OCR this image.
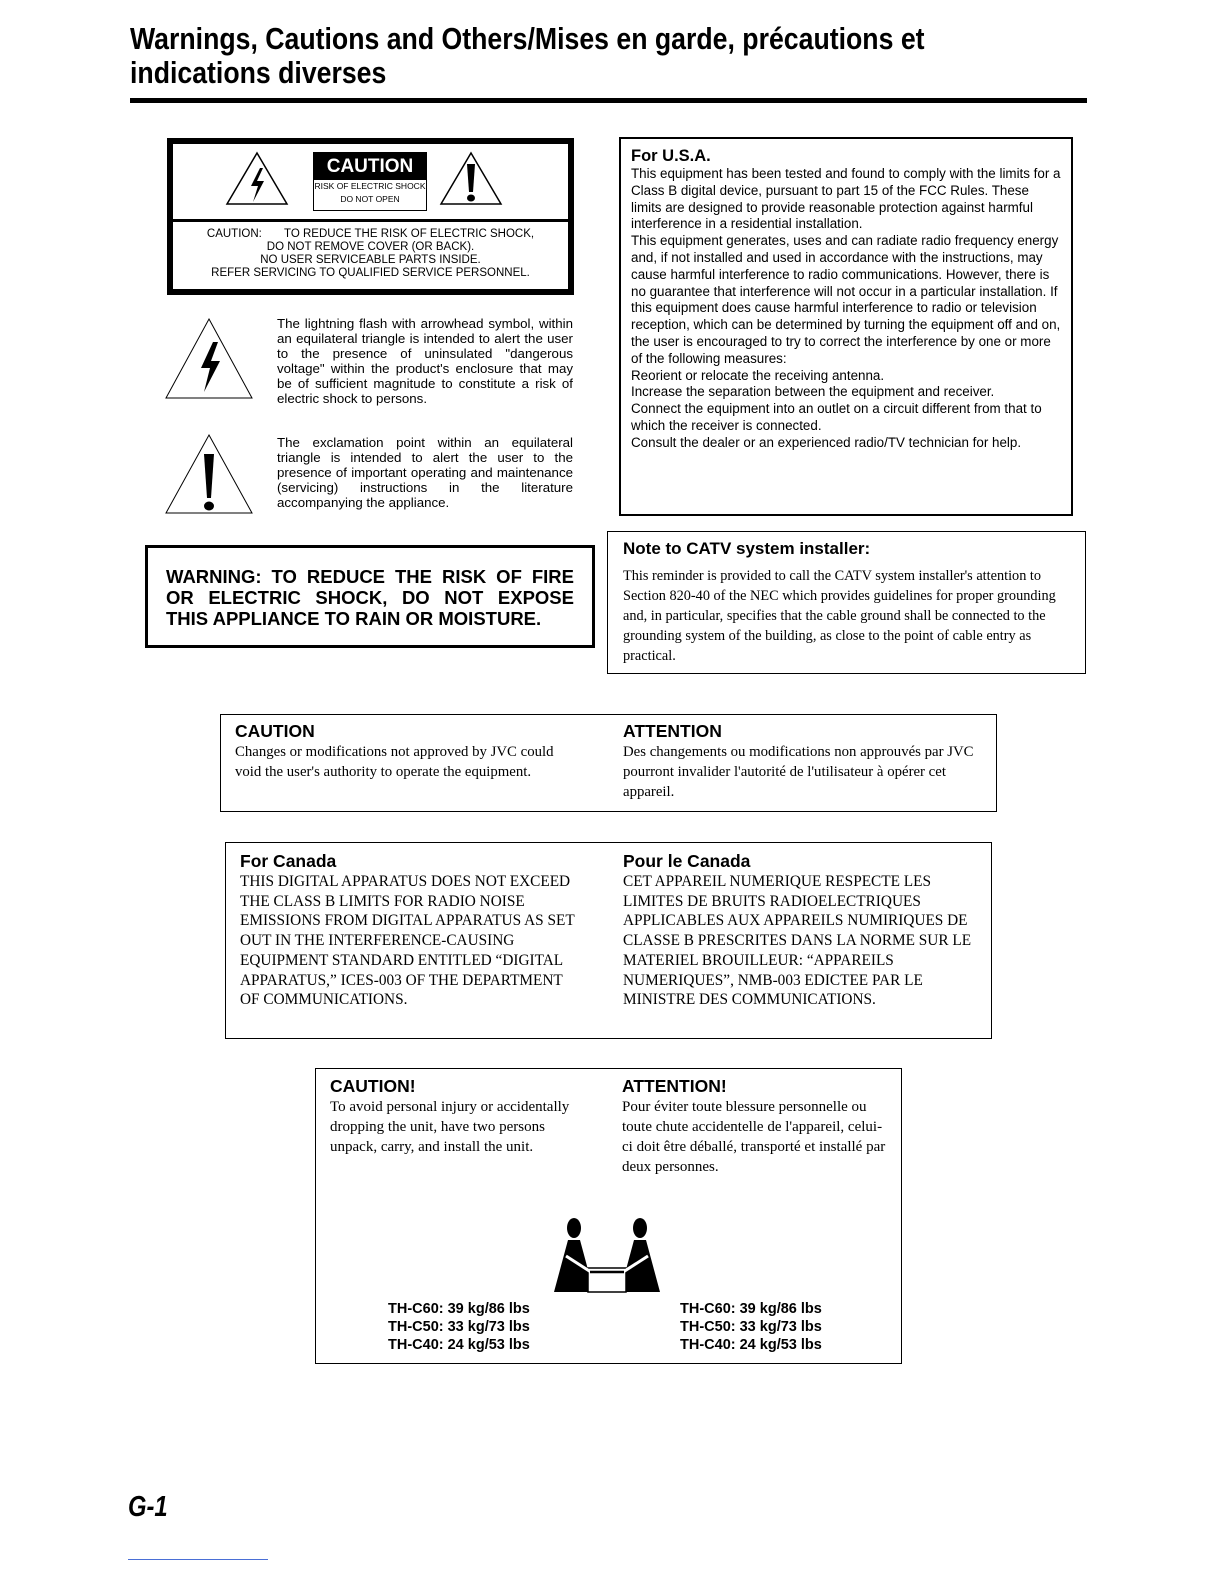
Warnings, Cautions and Others/Mises en garde, précautions et
indications diverses
CAUTION
RISK OF ELECTRIC SHOCK
DO NOT OPEN
CAUTION:       TO REDUCE THE RISK OF ELECTRIC SHOCK,
DO NOT REMOVE COVER (OR BACK).
NO USER SERVICEABLE PARTS INSIDE.
REFER SERVICING TO QUALIFIED SERVICE PERSONNEL.
The lightning flash with arrowhead symbol, within an equilateral triangle is intended to alert the user to the presence of uninsulated "dangerous voltage" within the product's enclosure that may be of sufficient magnitude to constitute a risk of electric shock to persons.
The exclamation point within an equilateral triangle is intended to alert the user to the presence of important operating and maintenance (servicing) instructions in the literature accompanying the appliance.
WARNING: TO REDUCE THE RISK OF FIRE OR ELECTRIC SHOCK, DO NOT EXPOSE THIS APPLIANCE TO RAIN OR MOISTURE.
For U.S.A.

This equipment has been tested and found to comply with the limits for a Class B digital device, pursuant to part 15 of the FCC Rules. These limits are designed to provide reasonable protection against harmful interference in a residential installation.

This equipment generates, uses and can radiate radio frequency energy and, if not installed and used in accordance with the instructions, may cause harmful interference to radio communications. However, there is no guarantee that interference will not occur in a particular installation. If this equipment does cause harmful interference to radio or television reception, which can be determined by turning the equipment off and on, the user is encouraged to try to correct the interference by one or more of the following measures:

Reorient or relocate the receiving antenna.

Increase the separation between the equipment and receiver.

Connect the equipment into an outlet on a circuit different from that to which the receiver is connected.

Consult the dealer or an experienced radio/TV technician for help.

Note to CATV system installer:

This reminder is provided to call the CATV system installer's attention to Section 820-40 of the NEC which provides guidelines for proper grounding and, in particular, specifies that the cable ground shall be connected to the grounding system of the building, as close to the point of cable entry as practical.

CAUTION

Changes or modifications not approved by JVC could void the user's authority to operate the equipment.

ATTENTION

Des changements ou modifications non approuvés par JVC pourront invalider l'autorité de l'utilisateur à opérer cet appareil.

For Canada

THIS DIGITAL APPARATUS DOES NOT EXCEED THE CLASS B LIMITS FOR RADIO NOISE EMISSIONS FROM DIGITAL APPARATUS AS SET OUT IN THE INTERFERENCE-CAUSING EQUIPMENT STANDARD ENTITLED “DIGITAL APPARATUS,” ICES-003 OF THE DEPARTMENT OF COMMUNICATIONS.

Pour le Canada

CET APPAREIL NUMERIQUE RESPECTE LES LIMITES DE BRUITS RADIOELECTRIQUES APPLICABLES AUX APPAREILS NUMIRIQUES DE CLASSE B PRESCRITES DANS LA NORME SUR LE MATERIEL BROUILLEUR: “APPAREILS NUMERIQUES”, NMB-003 EDICTEE PAR LE MINISTRE DES COMMUNICATIONS.

CAUTION!

To avoid personal injury or accidentally dropping the unit, have two persons unpack, carry, and install the unit.

ATTENTION!

Pour éviter toute blessure personnelle ou toute chute accidentelle de l'appareil, celui-ci doit être déballé, transporté et installé par deux personnes.

TH-C60: 39 kg/86 lbs
TH-C50: 33 kg/73 lbs
TH-C40: 24 kg/53 lbs
TH-C60: 39 kg/86 lbs
TH-C50: 33 kg/73 lbs
TH-C40: 24 kg/53 lbs
G-1
